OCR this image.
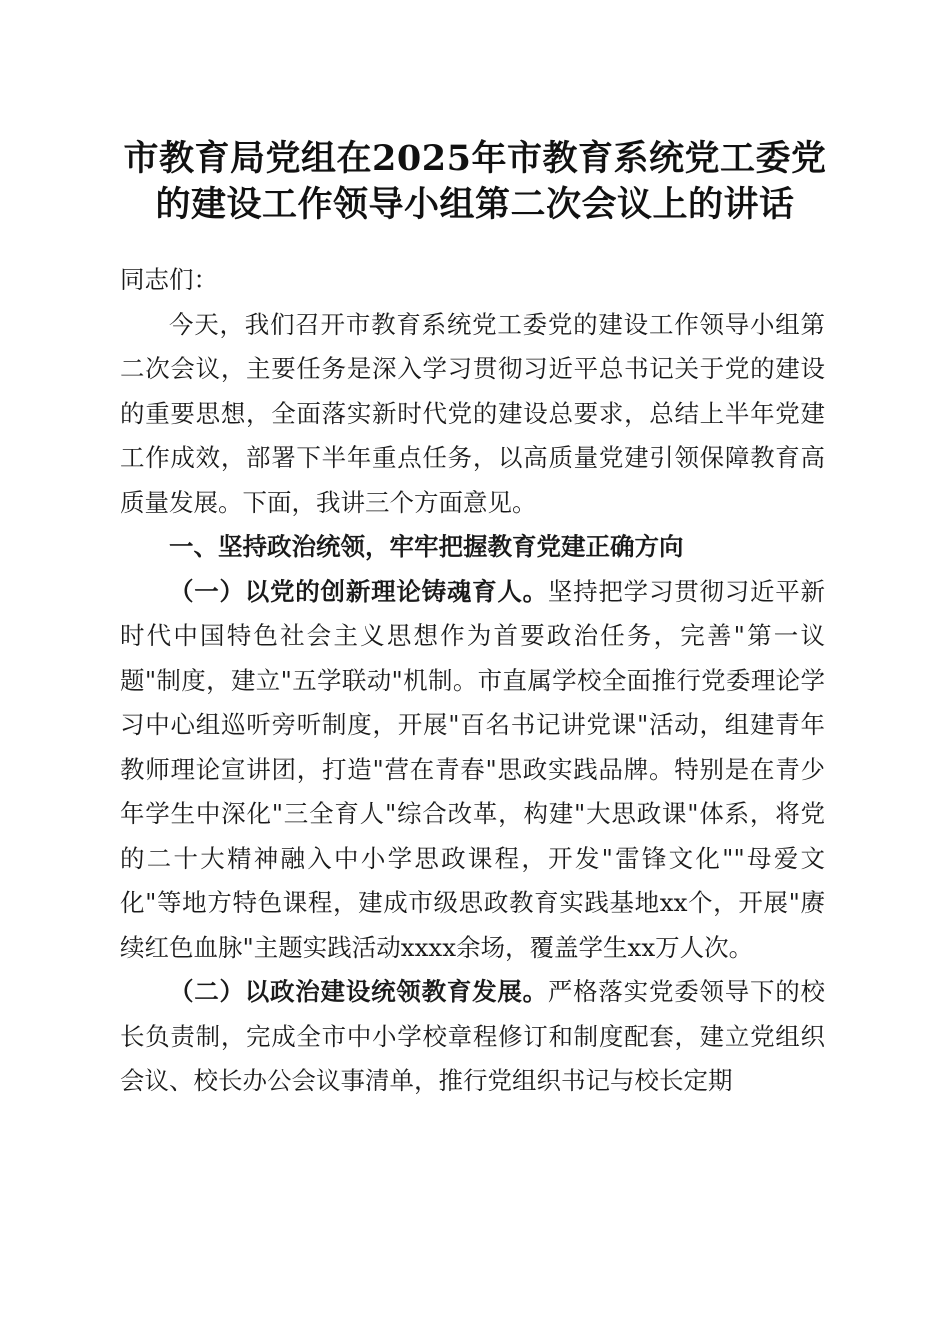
市教育局党组在2025年市教育系统党工委党
的建设工作领导小组第二次会议上的讲话

同志们：

今天，我们召开市教育系统党工委党的建设工作领导小组第二次会议，主要任务是深入学习贯彻习近平总书记关于党的建设的重要思想，全面落实新时代党的建设总要求，总结上半年党建工作成效，部署下半年重点任务，以高质量党建引领保障教育高质量发展。下面，我讲三个方面意见。

一、坚持政治统领，牢牢把握教育党建正确方向

（一）以党的创新理论铸魂育人。坚持把学习贯彻习近平新时代中国特色社会主义思想作为首要政治任务，完善"第一议题"制度，建立"五学联动"机制。市直属学校全面推行党委理论学习中心组巡听旁听制度，开展"百名书记讲党课"活动，组建青年教师理论宣讲团，打造"营在青春"思政实践品牌。特别是在青少年学生中深化"三全育人"综合改革，构建"大思政课"体系，将党的二十大精神融入中小学思政课程，开发"雷锋文化""母爱文化"等地方特色课程，建成市级思政教育实践基地xx个，开展"赓续红色血脉"主题实践活动xxxx余场，覆盖学生xx万人次。

（二）以政治建设统领教育发展。严格落实党委领导下的校长负责制，完成全市中小学校章程修订和制度配套，建立党组织会议、校长办公会议事清单，推行党组织书记与校长定期
